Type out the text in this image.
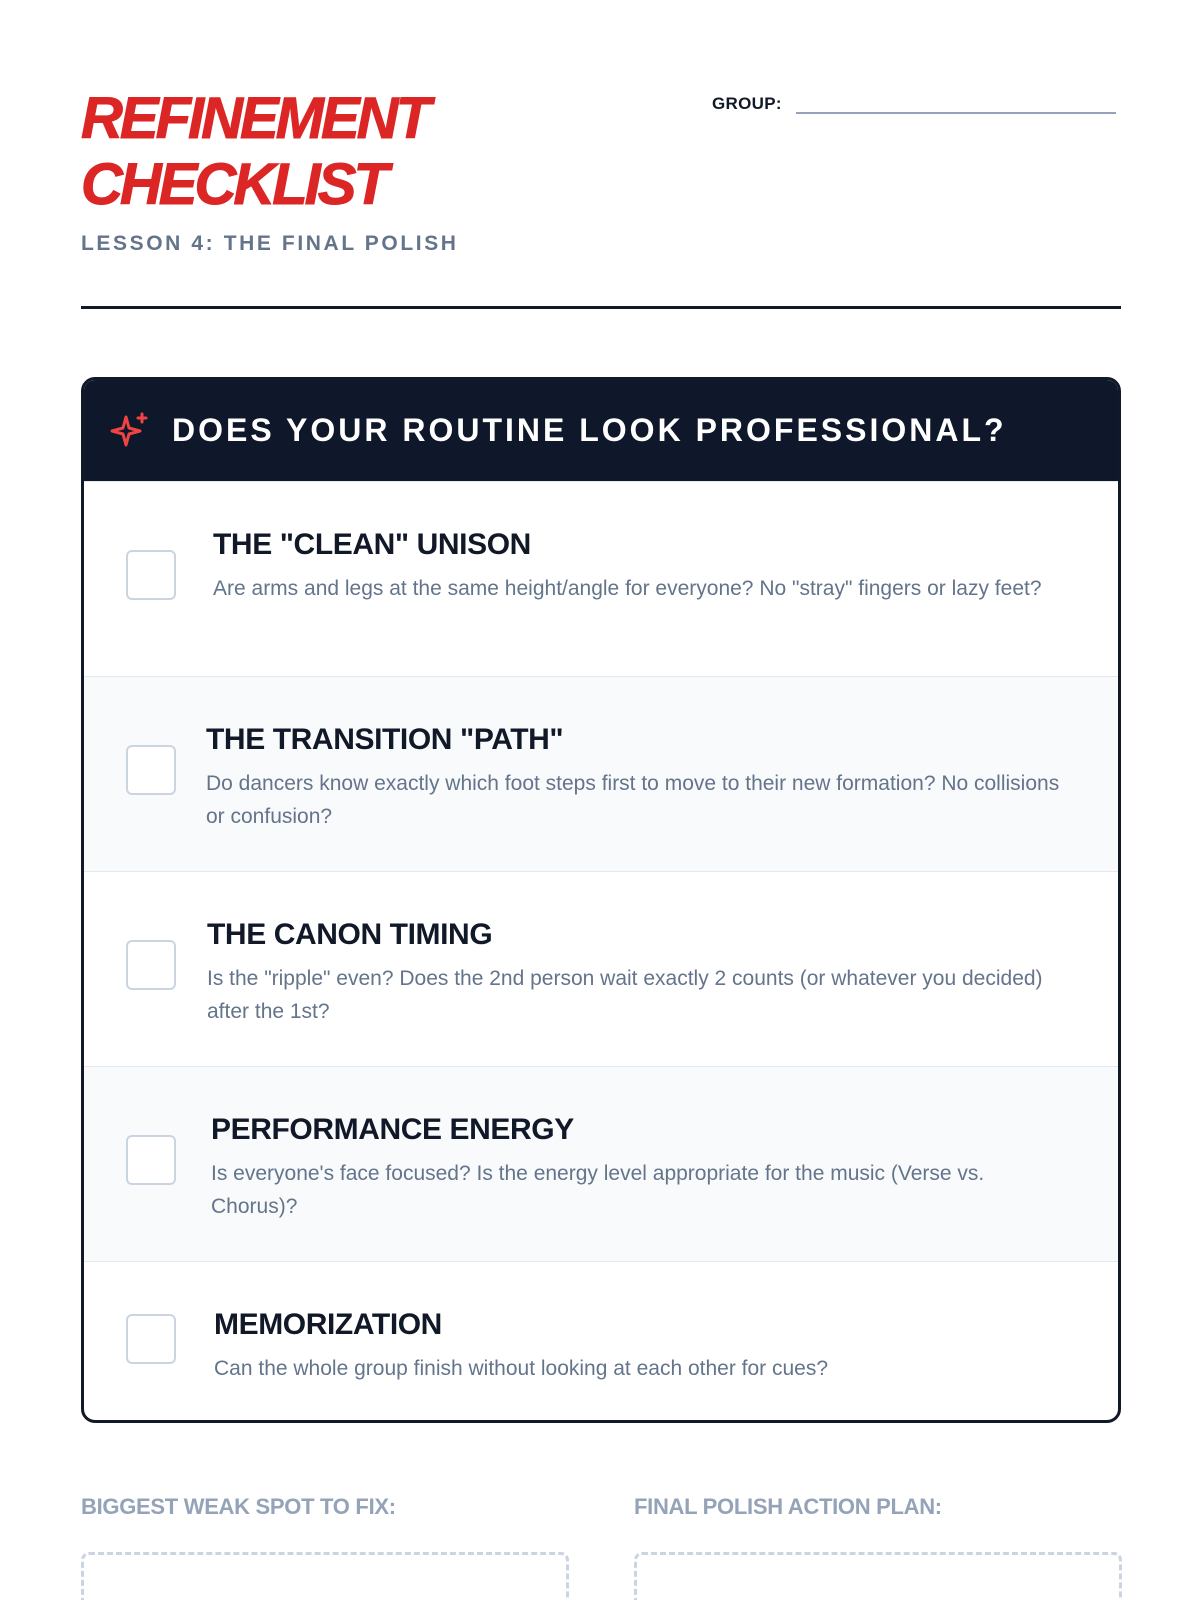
REFINEMENT
CHECKLIST
LESSON 4: THE FINAL POLISH
GROUP:
DOES YOUR ROUTINE LOOK PROFESSIONAL?
THE "CLEAN" UNISON
Are arms and legs at the same height/angle for everyone? No "stray" fingers or lazy feet?
THE TRANSITION "PATH"
Do dancers know exactly which foot steps first to move to their new formation? No collisions or confusion?
THE CANON TIMING
Is the "ripple" even? Does the 2nd person wait exactly 2 counts (or whatever you decided) after the 1st?
PERFORMANCE ENERGY
Is everyone's face focused? Is the energy level appropriate for the music (Verse vs. Chorus)?
MEMORIZATION
Can the whole group finish without looking at each other for cues?
BIGGEST WEAK SPOT TO FIX:	FINAL POLISH ACTION PLAN:
